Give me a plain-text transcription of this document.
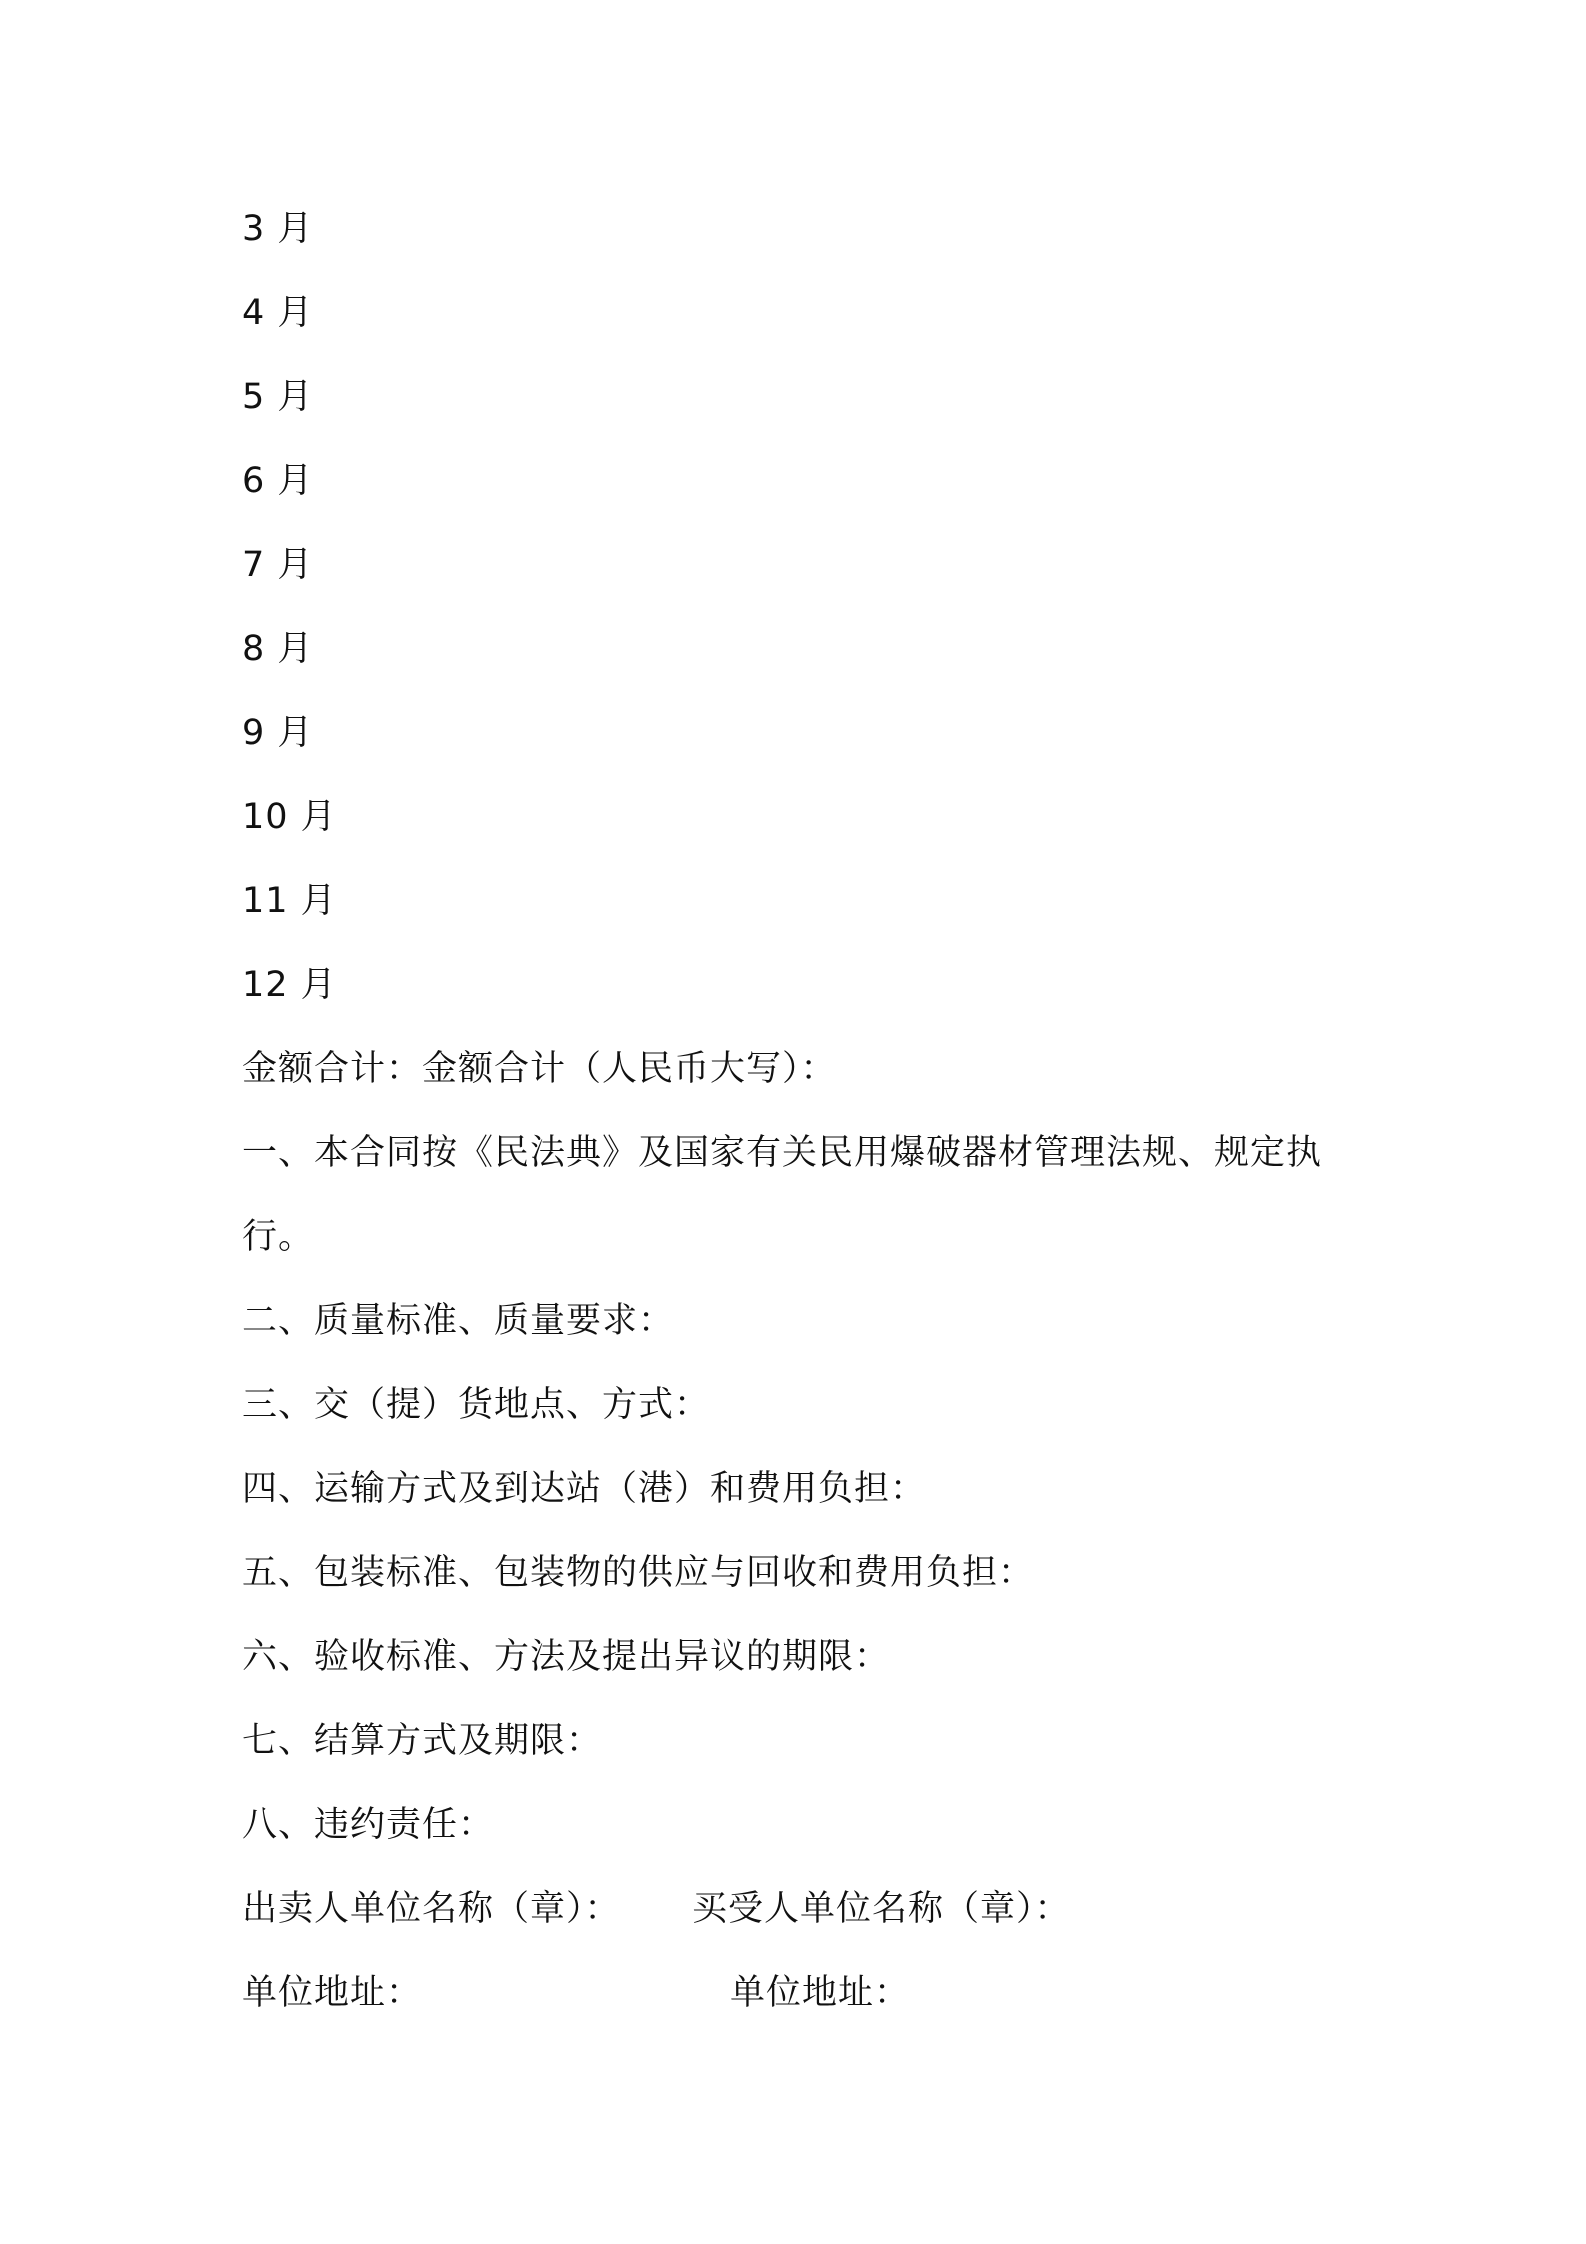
3 月
4 月
5 月
6 月
7 月
8 月
9 月
10 月
11 月
12 月
金额合计：金额合计（人民币大写）：
一、本合同按《民法典》及国家有关民用爆破器材管理法规、规定执
行。
二、质量标准、质量要求：
三、交（提）货地点、方式：
四、运输方式及到达站（港）和费用负担：
五、包装标准、包装物的供应与回收和费用负担：
六、验收标准、方法及提出异议的期限：
七、结算方式及期限：
八、违约责任：
出卖人单位名称（章）： 买受人单位名称（章）：
单位地址：	单位地址：
